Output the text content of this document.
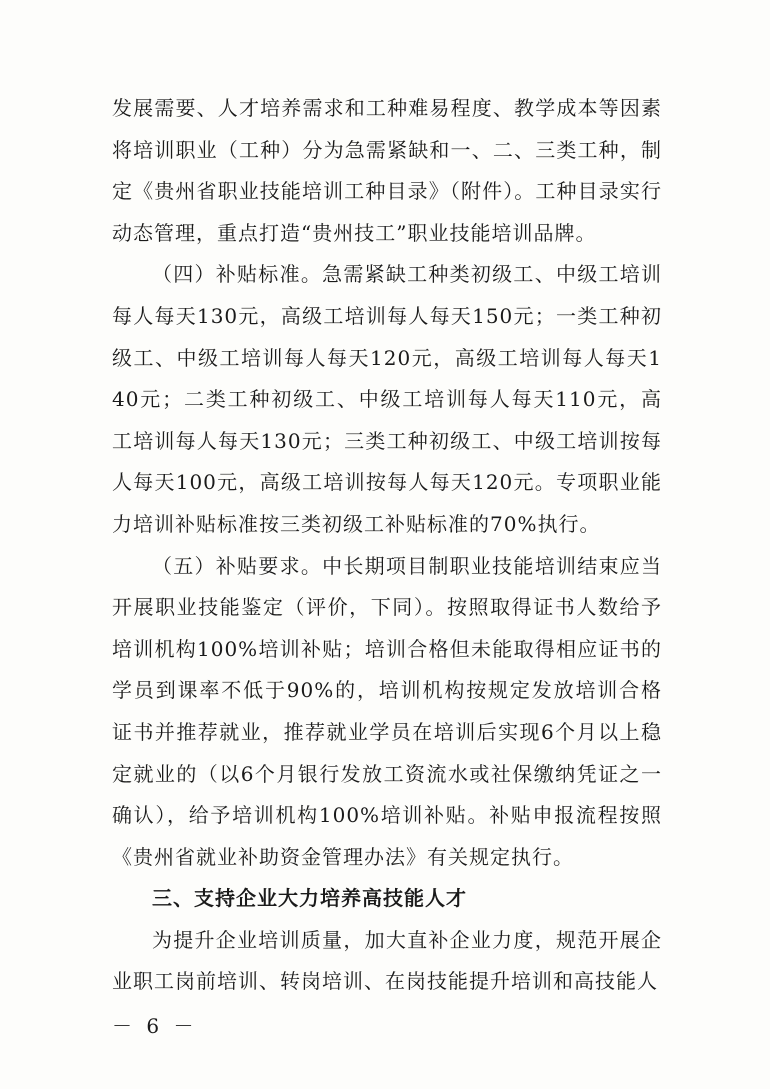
发展需要、人才培养需求和工种难易程度、教学成本等因素将培训职业（工种）分为急需紧缺和一、二、三类工种，制定《贵州省职业技能培训工种目录》（附件）。工种目录实行动态管理，重点打造“贵州技工”职业技能培训品牌。

（四）补贴标准。急需紧缺工种类初级工、中级工培训每人每天130元，高级工培训每人每天150元；一类工种初级工、中级工培训每人每天120元，高级工培训每人每天140元；二类工种初级工、中级工培训每人每天110元，高工培训每人每天130元；三类工种初级工、中级工培训按每人每天100元，高级工培训按每人每天120元。专项职业能力培训补贴标准按三类初级工补贴标准的70%执行。

（五）补贴要求。中长期项目制职业技能培训结束应当开展职业技能鉴定（评价，下同）。按照取得证书人数给予培训机构100%培训补贴；培训合格但未能取得相应证书的学员到课率不低于90%的，培训机构按规定发放培训合格证书并推荐就业，推荐就业学员在培训后实现6个月以上稳定就业的（以6个月银行发放工资流水或社保缴纳凭证之一确认），给予培训机构100%培训补贴。补贴申报流程按照《贵州省就业补助资金管理办法》有关规定执行。

三、支持企业大力培养高技能人才

为提升企业培训质量，加大直补企业力度，规范开展企业职工岗前培训、转岗培训、在岗技能提升培训和高技能人

－ 6 －
